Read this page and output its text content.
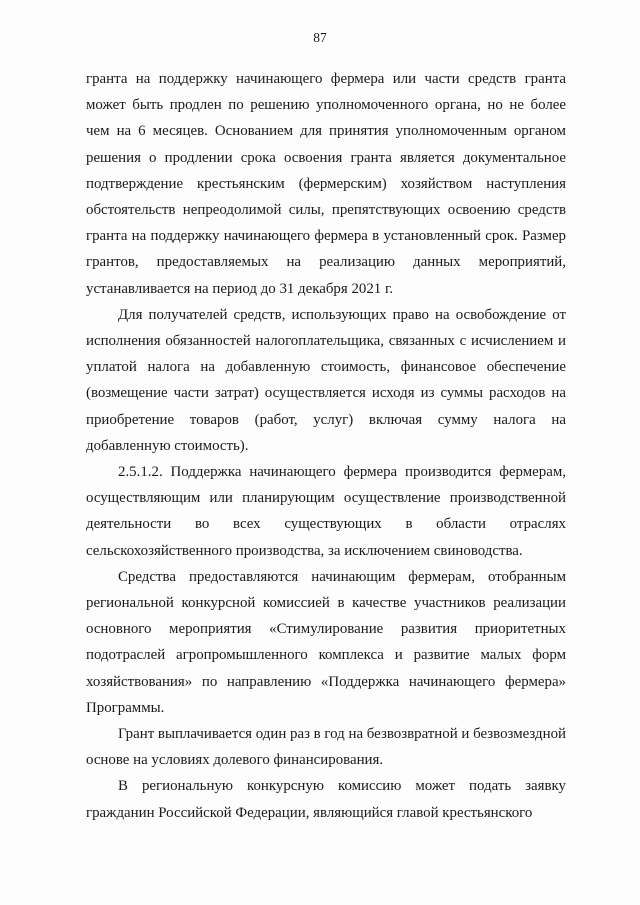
87

гранта на поддержку начинающего фермера или части средств гранта может быть продлен по решению уполномоченного органа, но не более чем на 6 месяцев. Основанием для принятия уполномоченным органом решения о продлении срока освоения гранта является документальное подтверждение крестьянским (фермерским) хозяйством наступления обстоятельств непреодолимой силы, препятствующих освоению средств гранта на поддержку начинающего фермера в установленный срок. Размер грантов, предоставляемых на реализацию данных мероприятий, устанавливается на период до 31 декабря 2021 г.

Для получателей средств, использующих право на освобождение от исполнения обязанностей налогоплательщика, связанных с исчислением и уплатой налога на добавленную стоимость, финансовое обеспечение (возмещение части затрат) осуществляется исходя из суммы расходов на приобретение товаров (работ, услуг) включая сумму налога на добавленную стоимость).

2.5.1.2. Поддержка начинающего фермера производится фермерам, осуществляющим или планирующим осуществление производственной деятельности во всех существующих в области отраслях сельскохозяйственного производства, за исключением свиноводства.

Средства предоставляются начинающим фермерам, отобранным региональной конкурсной комиссией в качестве участников реализации основного мероприятия «Стимулирование развития приоритетных подотраслей агропромышленного комплекса и развитие малых форм хозяйствования» по направлению «Поддержка начинающего фермера» Программы.

Грант выплачивается один раз в год на безвозвратной и безвозмездной основе на условиях долевого финансирования.

В региональную конкурсную комиссию может подать заявку гражданин Российской Федерации, являющийся главой крестьянского
